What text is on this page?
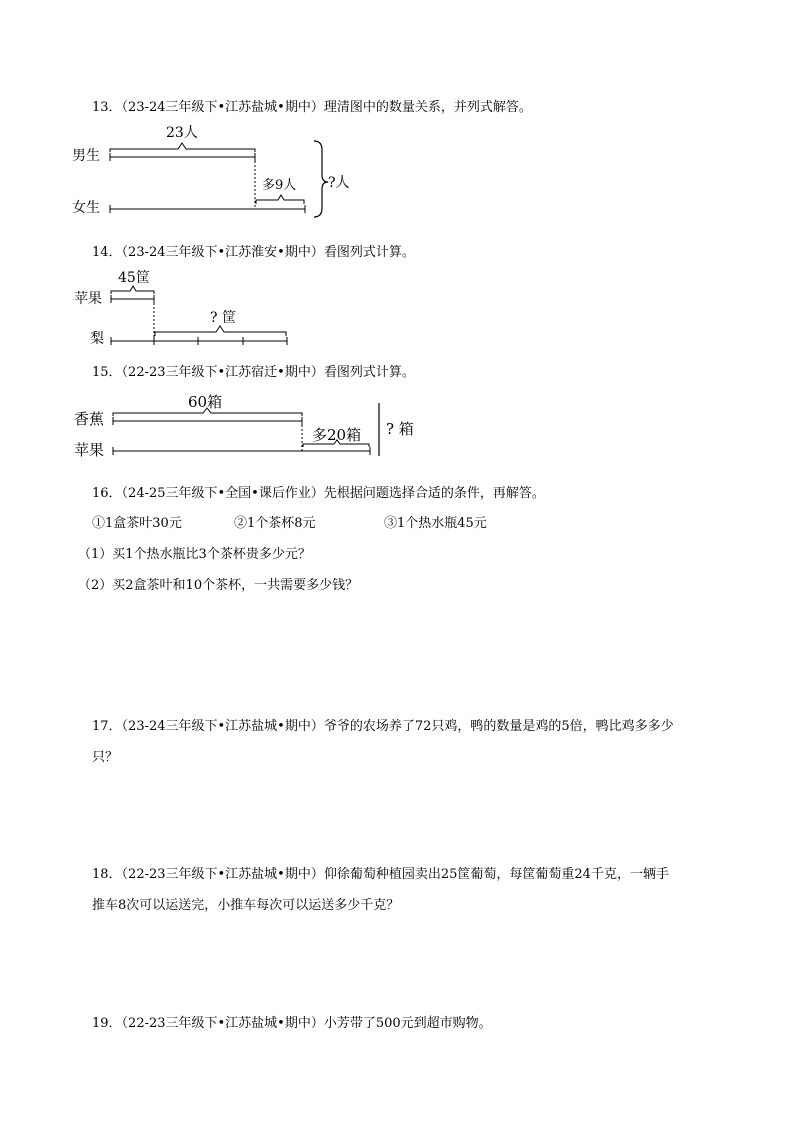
13．（23-24三年级下•江苏盐城•期中）理清图中的数量关系，并列式解答。
男生
女生
23人
多9人 ?人
14．（23-24三年级下•江苏淮安•期中）看图列式计算。
苹果
梨
45筐
? 筐
15．（22-23三年级下•江苏宿迁•期中）看图列式计算。
香蕉
苹果
60箱
多20箱 ? 箱
16．（24-25三年级下•全国•课后作业）先根据问题选择合适的条件，再解答。
①1盒茶叶30元	②1个茶杯8元	③1个热水瓶45元
（1）买1个热水瓶比3个茶杯贵多少元？
（2）买2盒茶叶和10个茶杯，一共需要多少钱？
17．（23-24三年级下•江苏盐城•期中）爷爷的农场养了72只鸡，鸭的数量是鸡的5倍，鸭比鸡多多少
只？
18．（22-23三年级下•江苏盐城•期中）仰徐葡萄种植园卖出25筐葡萄，每筐葡萄重24千克，一辆手
推车8次可以运送完，小推车每次可以运送多少千克？
19．（22-23三年级下•江苏盐城•期中）小芳带了500元到超市购物。
